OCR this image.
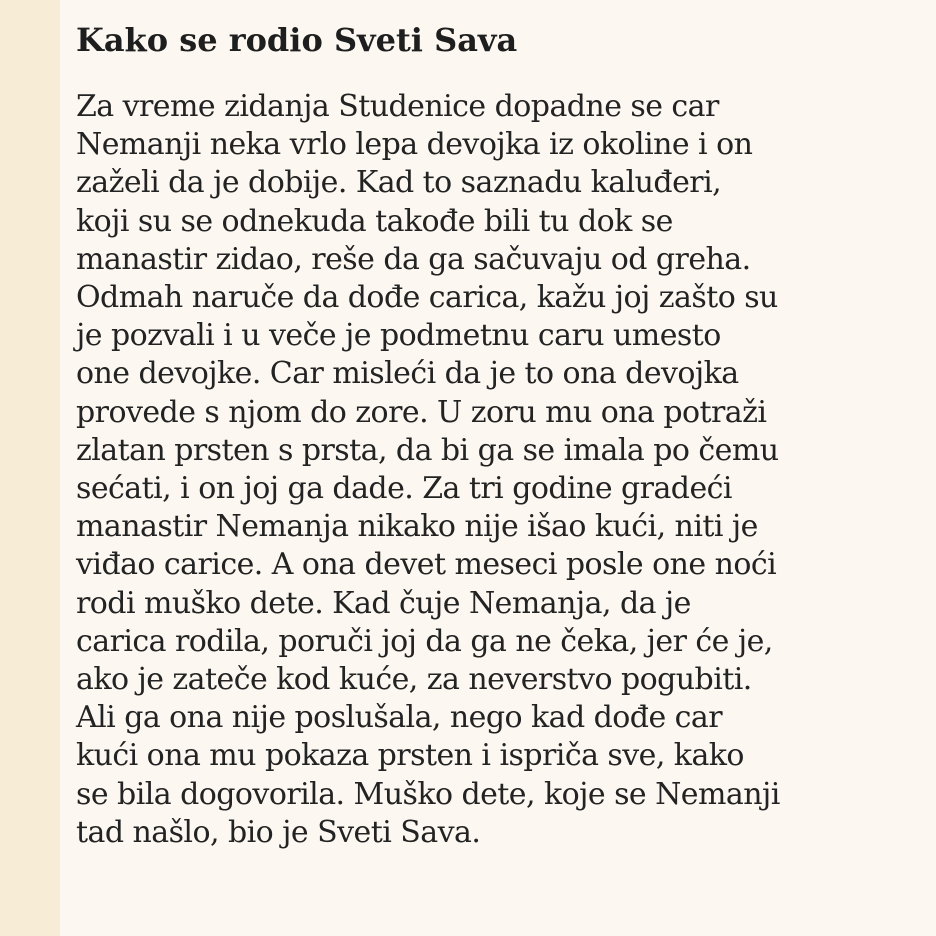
Kako se rodio Sveti Sava
Za vreme zidanja Studenice dopadne se car
Nemanji neka vrlo lepa devojka iz okoline i on
zaželi da je dobije. Kad to saznadu kaluđeri,
koji su se odnekuda takođe bili tu dok se
manastir zidao, reše da ga sačuvaju od greha.
Odmah naruče da dođe carica, kažu joj zašto su
je pozvali i u veče je podmetnu caru umesto
one devojke. Car misleći da je to ona devojka
provede s njom do zore. U zoru mu ona potraži
zlatan prsten s prsta, da bi ga se imala po čemu
sećati, i on joj ga dade. Za tri godine gradeći
manastir Nemanja nikako nije išao kući, niti je
viđao carice. A ona devet meseci posle one noći
rodi muško dete. Kad čuje Nemanja, da je
carica rodila, poruči joj da ga ne čeka, jer će je,
ako je zateče kod kuće, za neverstvo pogubiti.
Ali ga ona nije poslušala, nego kad dođe car
kući ona mu pokaza prsten i ispriča sve, kako
se bila dogovorila. Muško dete, koje se Nemanji
tad našlo, bio je Sveti Sava.
